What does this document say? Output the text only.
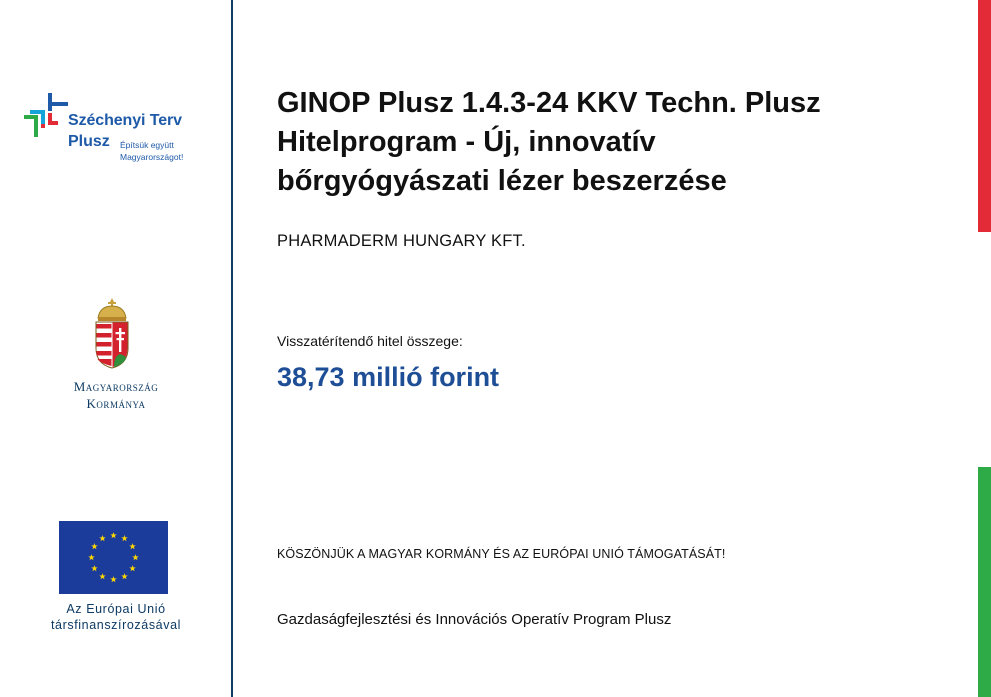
Széchenyi Terv
Plusz Építsük együtt
Magyarországot!
Magyarország
Kormánya
Az Európai Unió
társfinanszírozásával
GINOP Plusz 1.4.3-24 KKV Techn. Plusz
Hitelprogram - Új, innovatív
bőrgyógyászati lézer beszerzése
PHARMADERM HUNGARY KFT.
Visszatérítendő hitel összege:
38,73 millió forint
KÖSZÖNJÜK A MAGYAR KORMÁNY ÉS AZ EURÓPAI UNIÓ TÁMOGATÁSÁT!
Gazdaságfejlesztési és Innovációs Operatív Program Plusz
